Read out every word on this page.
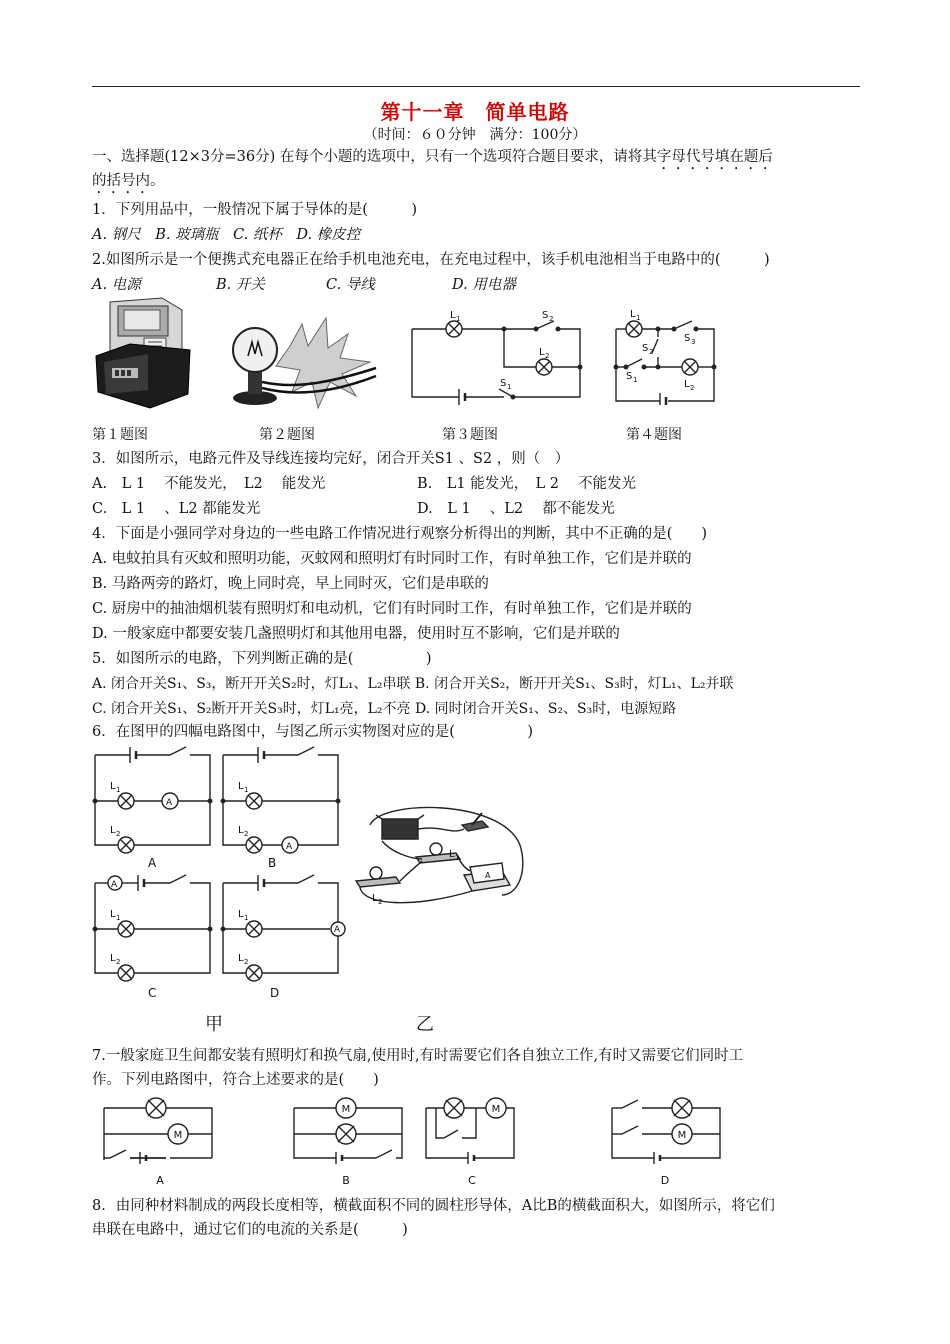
第十一章　简单电路
（时间：６０分钟　满分：100分）
一、选择题(12×3分=36分) 在每个小题的选项中，只有一个选项符合题目要求，请将其字母代号填在题后
的括号内。
1．下列用品中，一般情况下属于导体的是(　　　)
A. 钢尺　B. 玻璃瓶　C. 纸杯　D. 橡皮控
2.如图所示是一个便携式充电器正在给手机电池充电，在充电过程中，该手机电池相当于电路中的(　　　)
A. 电源	B. 开关	C. 导线	D. 用电器
L 1	S 2
L 2
S 1
L 1
S 3
S 2
S 1	L 2
第１题图	第２题图	第３题图	第４题图
3．如图所示，电路元件及导线连接均完好，闭合开关S1 、S2 ，则（　）
A.　L 1　 不能发光，　L2　 能发光	B.　L1 能发光，　L 2　 不能发光
C.　L 1　 、L2 都能发光	D.　L 1　 、L2　 都不能发光
4．下面是小强同学对身边的一些电路工作情况进行观察分析得出的判断，其中不正确的是(　　)
A. 电蚊拍具有灭蚊和照明功能，灭蚊网和照明灯有时同时工作，有时单独工作，它们是并联的
B. 马路两旁的路灯，晚上同时亮，早上同时灭，它们是串联的
C. 厨房中的抽油烟机装有照明灯和电动机，它们有时同时工作，有时单独工作，它们是并联的
D. 一般家庭中都要安装几盏照明灯和其他用电器，使用时互不影响，它们是并联的
5．如图所示的电路，下列判断正确的是(　　　　　)
A. 闭合开关S₁、S₃，断开开关S₂时，灯L₁、L₂串联 B. 闭合开关S₂，断开开关S₁、S₃时，灯L₁、L₂并联
C. 闭合开关S₁、S₂断开开关S₃时，灯L₁亮，L₂不亮 D. 同时闭合开关S₁、S₂、S₃时，电源短路
6．在图甲的四幅电路图中，与图乙所示实物图对应的是(　　　　　)
L 1
L 2
A
A
L 1
L 2
A
B
A
L 1
L 2
C
L 1
L 2
A
D
L 1
L 2
A
甲	乙
7.一般家庭卫生间都安装有照明灯和换气扇,使用时,有时需要它们各自独立工作,有时又需要它们同时工
作。下列电路图中，符合上述要求的是(　　)
M
M	M
M
A	B	C	D
8．由同种材料制成的两段长度相等，横截面积不同的圆柱形导体，A比B的横截面积大，如图所示，将它们
串联在电路中，通过它们的电流的关系是(　　　)
